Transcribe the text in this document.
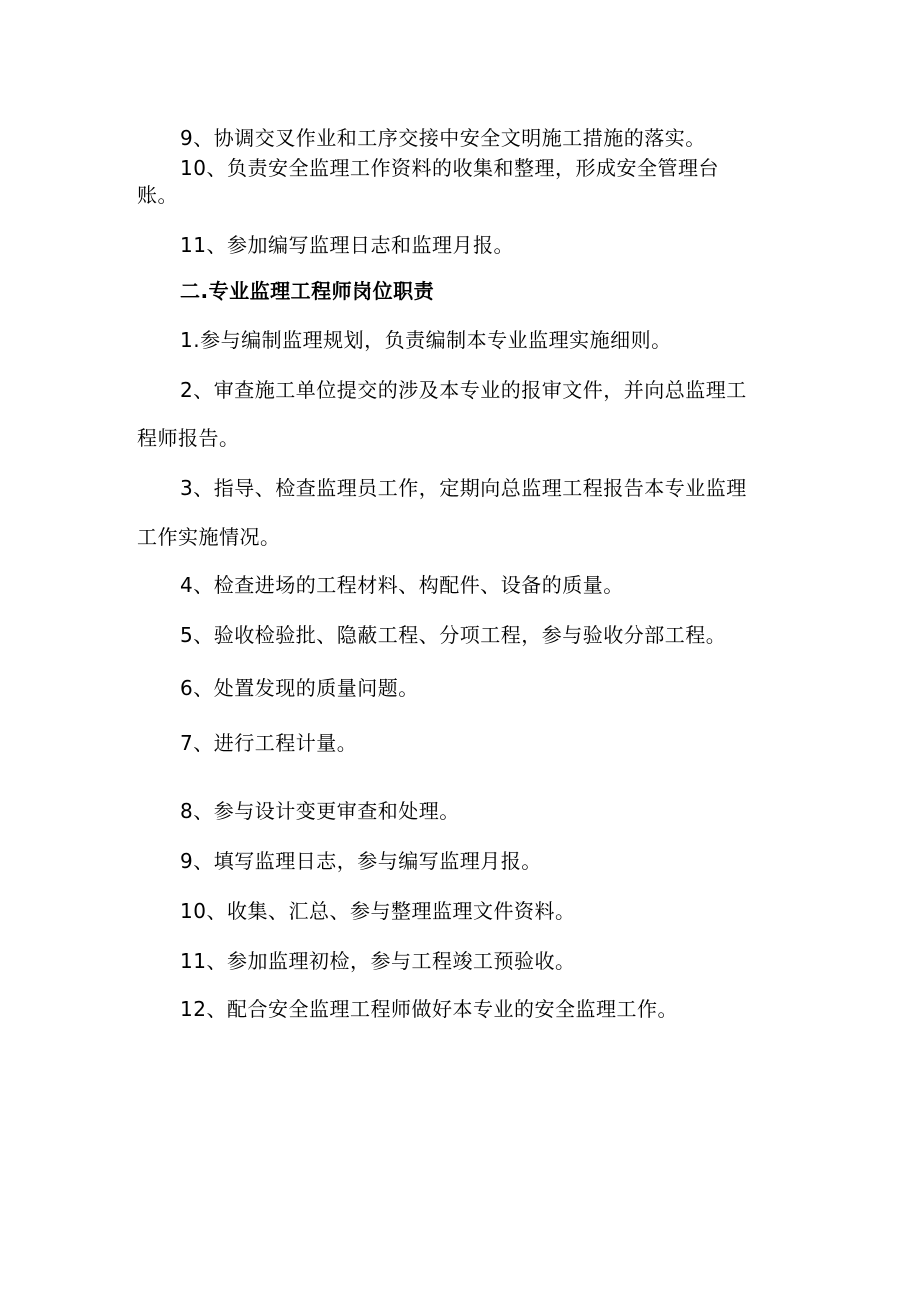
9、协调交叉作业和工序交接中安全文明施工措施的落实。
10、负责安全监理工作资料的收集和整理，形成安全管理台
账。
11、参加编写监理日志和监理月报。
二.专业监理工程师岗位职责
1.参与编制监理规划，负责编制本专业监理实施细则。
2、审查施工单位提交的涉及本专业的报审文件，并向总监理工
程师报告。
3、指导、检查监理员工作，定期向总监理工程报告本专业监理
工作实施情况。
4、检查进场的工程材料、构配件、设备的质量。
5、验收检验批、隐蔽工程、分项工程，参与验收分部工程。
6、处置发现的质量问题。
7、进行工程计量。
8、参与设计变更审查和处理。
9、填写监理日志，参与编写监理月报。
10、收集、汇总、参与整理监理文件资料。
11、参加监理初检，参与工程竣工预验收。
12、配合安全监理工程师做好本专业的安全监理工作。
